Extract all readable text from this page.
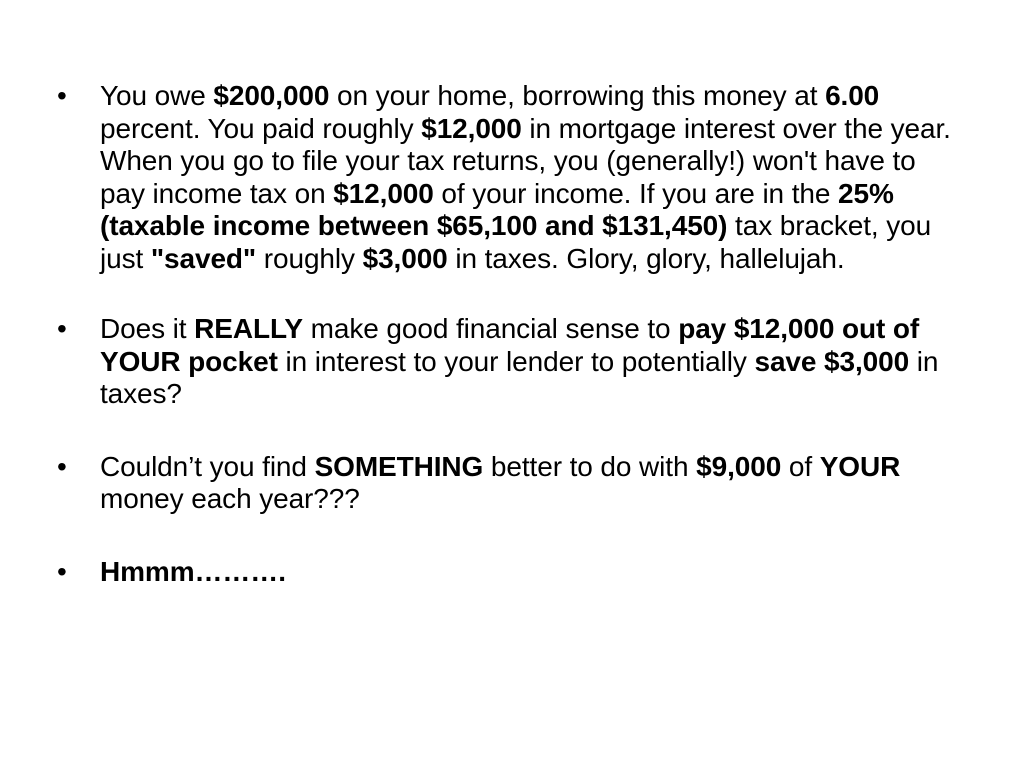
•	You owe $200,000 on your home, borrowing this money at 6.00 percent. You paid roughly $12,000 in mortgage interest over the year.  When you go to file your tax returns, you (generally!) won't have to pay income tax on $12,000 of your income. If you are in the 25% (taxable income between $65,100 and $131,450) tax bracket, you just "saved" roughly $3,000 in taxes. Glory, glory, hallelujah.
•	Does it REALLY make good financial sense to pay $12,000 out of YOUR pocket in interest to your lender to potentially save $3,000 in taxes?
•	Couldn’t you find SOMETHING better to do with $9,000 of YOUR money each year???
•	Hmmm……….
